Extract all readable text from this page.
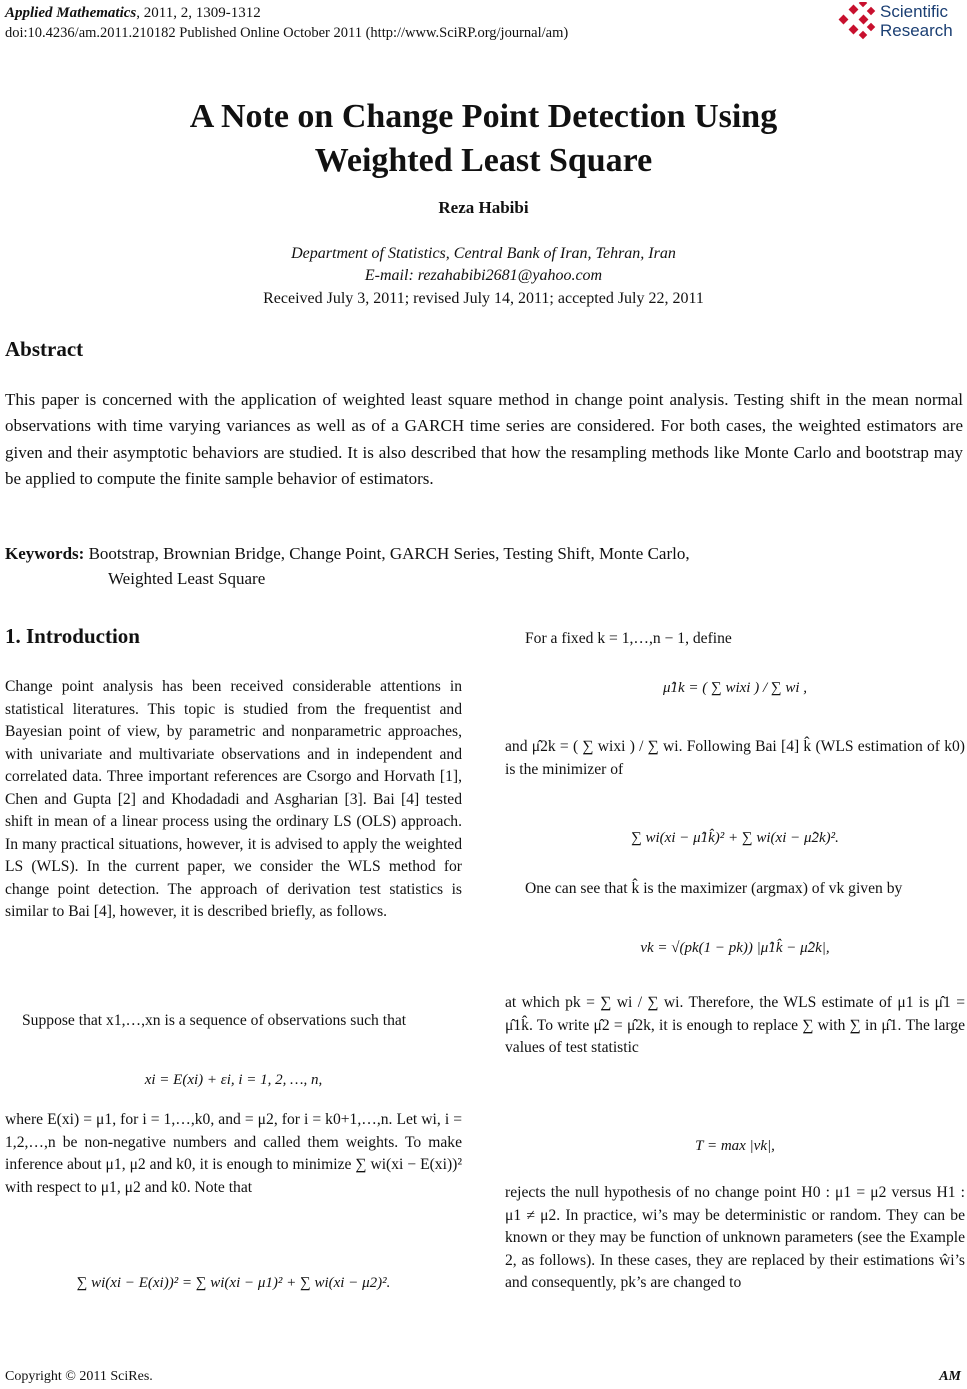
Applied Mathematics, 2011, 2, 1309-1312
doi:10.4236/am.2011.210182 Published Online October 2011 (http://www.SciRP.org/journal/am)
Scientific
Research
A Note on Change Point Detection Using
Weighted Least Square
Reza Habibi
Department of Statistics, Central Bank of Iran, Tehran, Iran
E-mail: rezahabibi2681@yahoo.com
Received July 3, 2011; revised July 14, 2011; accepted July 22, 2011
Abstract
This paper is concerned with the application of weighted least square method in change point analysis. Testing shift in the mean normal observations with time varying variances as well as of a GARCH time series are considered. For both cases, the weighted estimators are given and their asymptotic behaviors are studied. It is also described that how the resampling methods like Monte Carlo and bootstrap may be applied to compute the finite sample behavior of estimators.
Keywords: Bootstrap, Brownian Bridge, Change Point, GARCH Series, Testing Shift, Monte Carlo,
Weighted Least Square
1. Introduction
Change point analysis has been received considerable attentions in statistical literatures. This topic is studied from the frequentist and Bayesian point of view, by parametric and nonparametric approaches, with univariate and multivariate observations and in independent and correlated data. Three important references are Csorgo and Horvath [1], Chen and Gupta [2] and Khodadadi and Asgharian [3]. Bai [4] tested shift in mean of a linear process using the ordinary LS (OLS) approach. In many practical situations, however, it is advised to apply the weighted LS (WLS). In the current paper, we consider the WLS method for change point detection. The approach of derivation test statistics is similar to Bai [4], however, it is described briefly, as follows.
Suppose that x1,…,xn is a sequence of observations such that
xi = E(xi) + εi, i = 1, 2, …, n,
where E(xi) = μ1, for i = 1,…,k0, and = μ2, for i = k0+1,…,n. Let wi, i = 1,2,…,n be non-negative numbers and called them weights. To make inference about μ1, μ2 and k0, it is enough to minimize ∑ wi(xi − E(xi))² with respect to μ1, μ2 and k0. Note that
∑ wi(xi − E(xi))² = ∑ wi(xi − μ1)² + ∑ wi(xi − μ2)².
For a fixed k = 1,…,n − 1, define
μ̂1k = ( ∑ wixi ) / ∑ wi ,
and μ̂2k = ( ∑ wixi ) / ∑ wi. Following Bai [4] k̂ (WLS estimation of k0) is the minimizer of
∑ wi(xi − μ̂1k̂)² + ∑ wi(xi − μ̂2k)².
One can see that k̂ is the maximizer (argmax) of vk given by
vk = √(pk(1 − pk)) |μ̂1k̂ − μ̂2k|,
at which pk = ∑ wi / ∑ wi. Therefore, the WLS estimate of μ1 is μ̂1 = μ̂1k̂. To write μ̂2 = μ̂2k, it is enough to replace ∑ with ∑ in μ̂1. The large values of test statistic
T = max |vk|,
rejects the null hypothesis of no change point H0 : μ1 = μ2 versus H1 : μ1 ≠ μ2. In practice, wi’s may be deterministic or random. They can be known or they may be function of unknown parameters (see the Example 2, as follows). In these cases, they are replaced by their estimations ŵi’s and consequently, pk’s are changed to
Copyright © 2011 SciRes.	AM
